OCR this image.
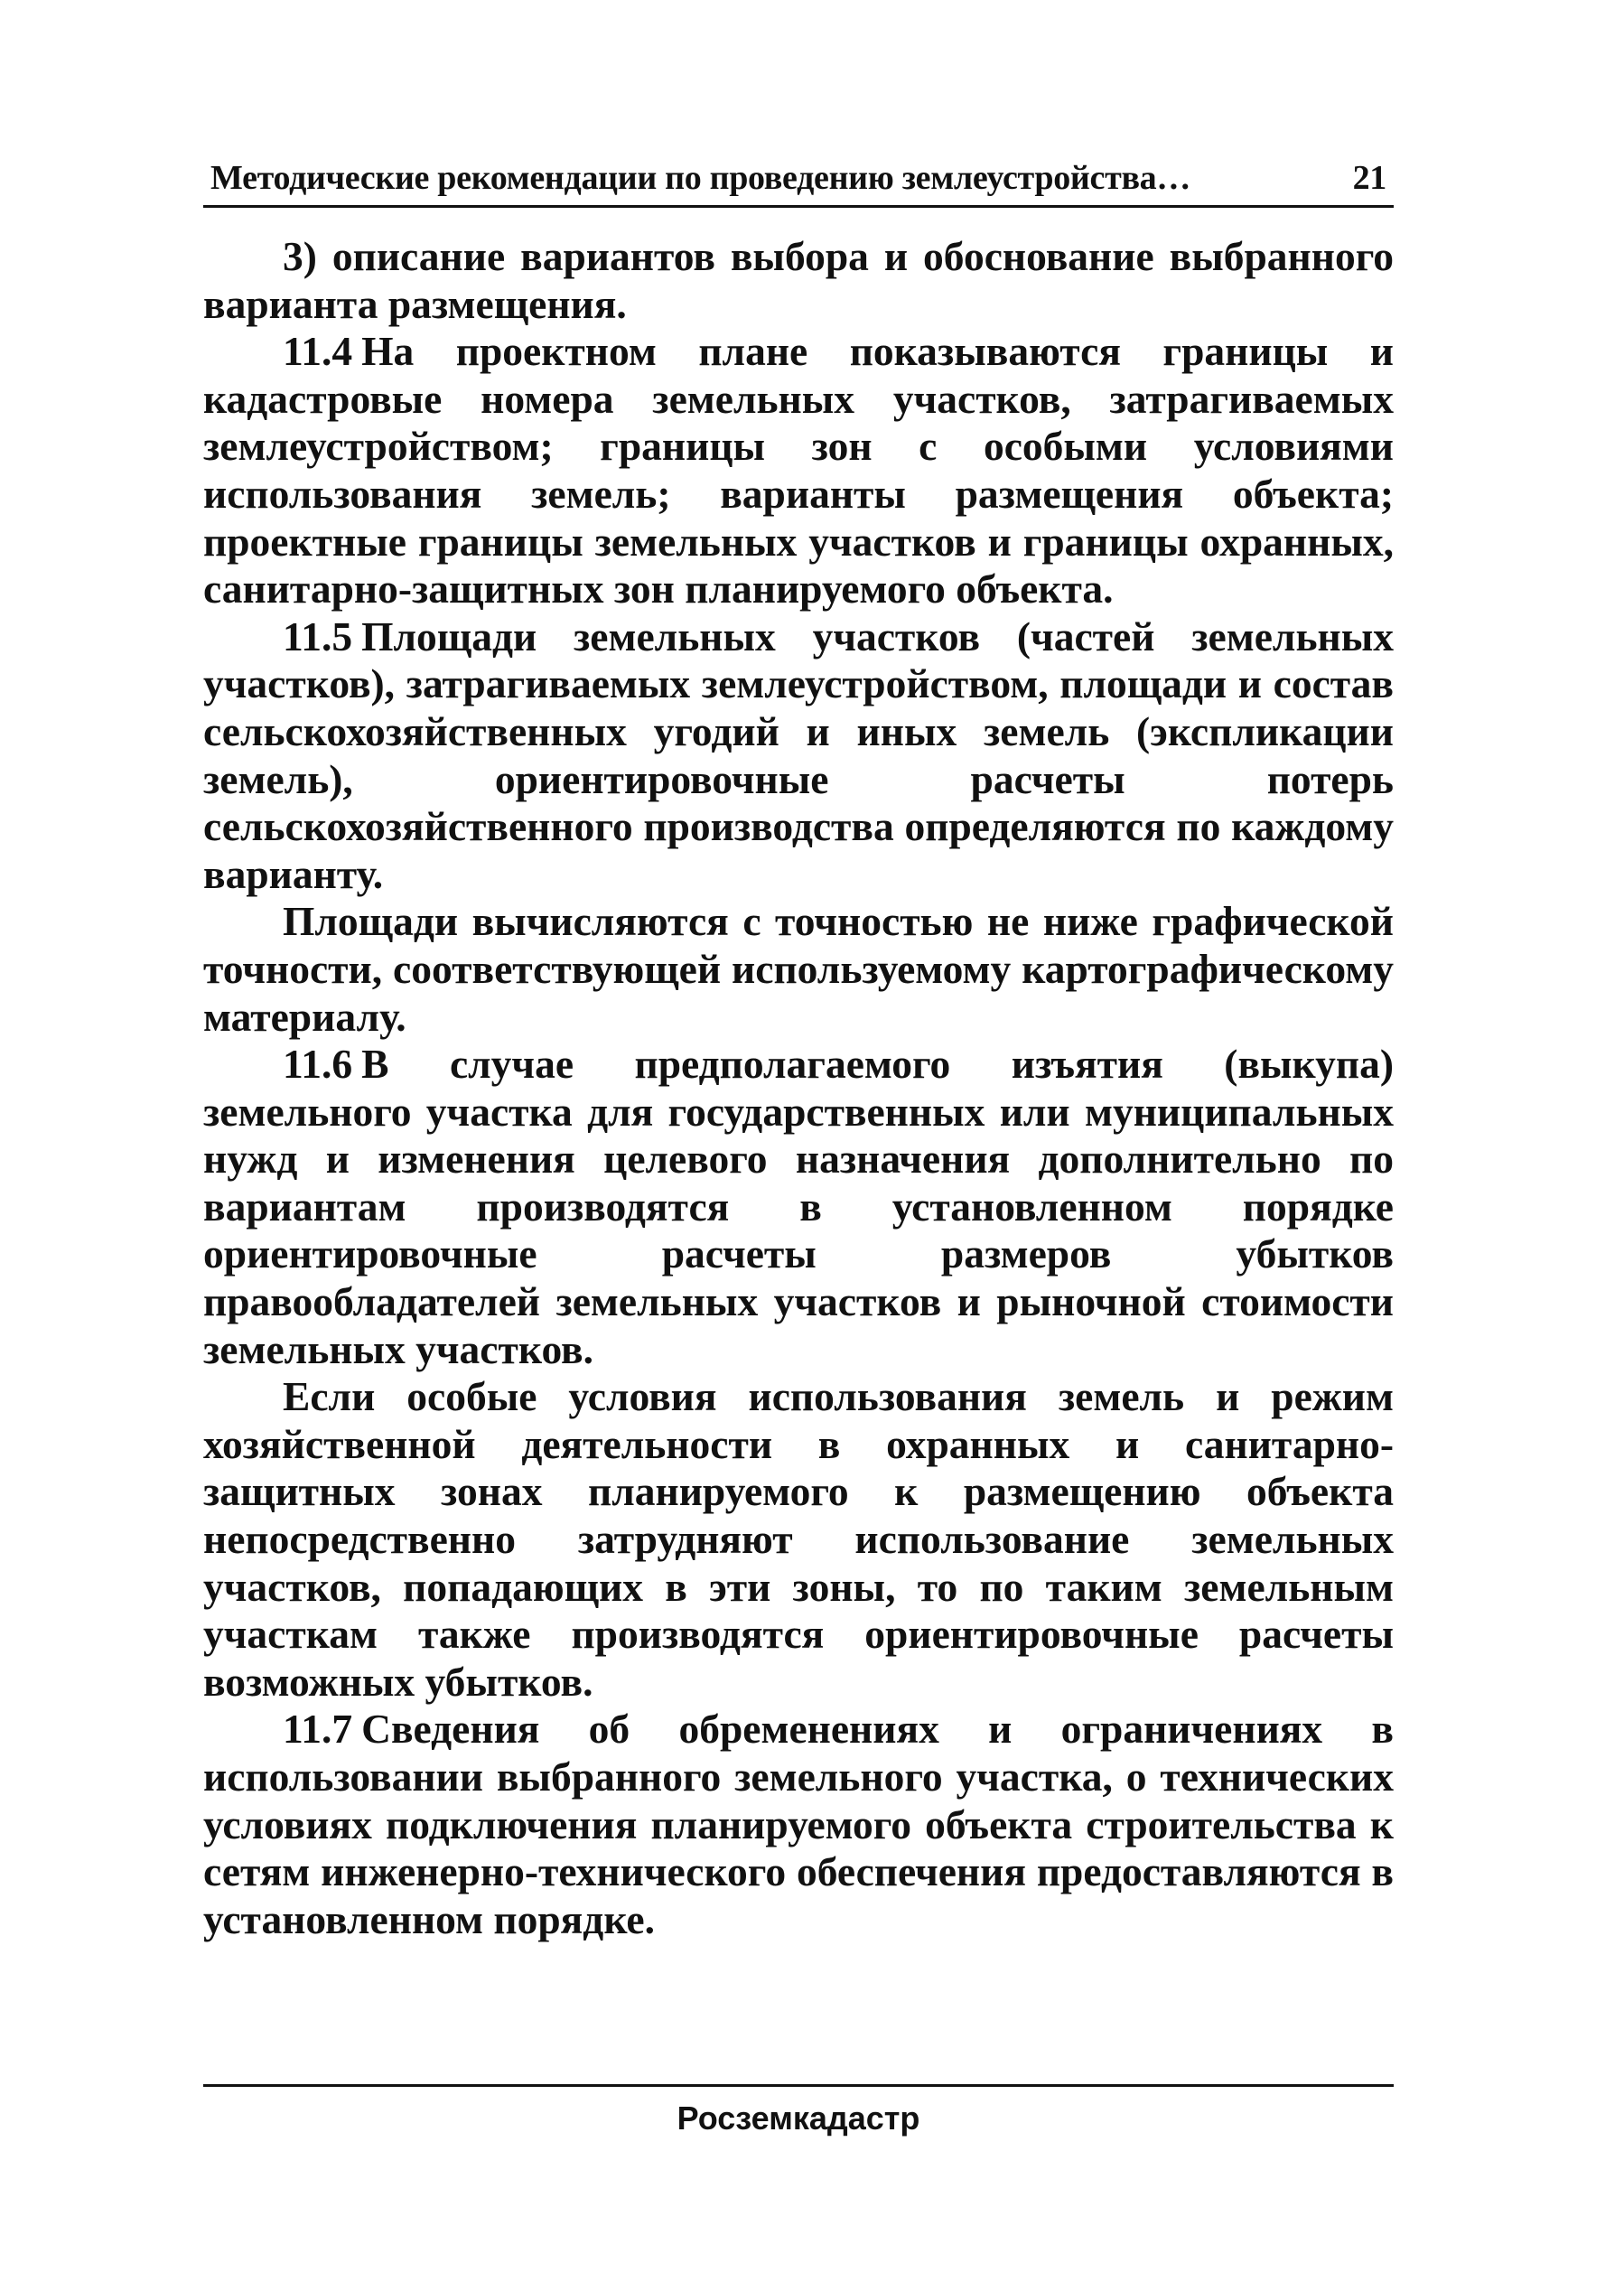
Методические рекомендации по проведению землеустройства…	21

3) описание вариантов выбора и обоснование выбранного варианта размещения.

11.4 На проектном плане показываются границы и кадастровые номера земельных участков, затрагиваемых землеустройством; границы зон с особыми условиями использования земель; варианты размещения объекта; проектные границы земельных участков и границы охранных, санитарно-защитных зон планируемого объекта.

11.5 Площади земельных участков (частей земельных участков), затрагиваемых землеустройством, площади и состав сельскохозяйственных угодий и иных земель (экспликации земель), ориентировочные расчеты потерь сельскохозяйственного производства определяются по каждому варианту.

Площади вычисляются с точностью не ниже графической точности, соответствующей используемому картографическому материалу.

11.6 В случае предполагаемого изъятия (выкупа) земельного участка для государственных или муниципальных нужд и изменения целевого назначения дополнительно по вариантам производятся в установленном порядке ориентировочные расчеты размеров убытков правообладателей земельных участков и рыночной стоимости земельных участков.

Если особые условия использования земель и режим хозяйственной деятельности в охранных и санитарно-защитных зонах планируемого к размещению объекта непосредственно затрудняют использование земельных участков, попадающих в эти зоны, то по таким земельным участкам также производятся ориентировочные расчеты возможных убытков.

11.7 Сведения об обременениях и ограничениях в использовании выбранного земельного участка, о технических условиях подключения планируемого объекта строительства к сетям инженерно-технического обеспечения предоставляются в установленном порядке.

Росземкадастр
